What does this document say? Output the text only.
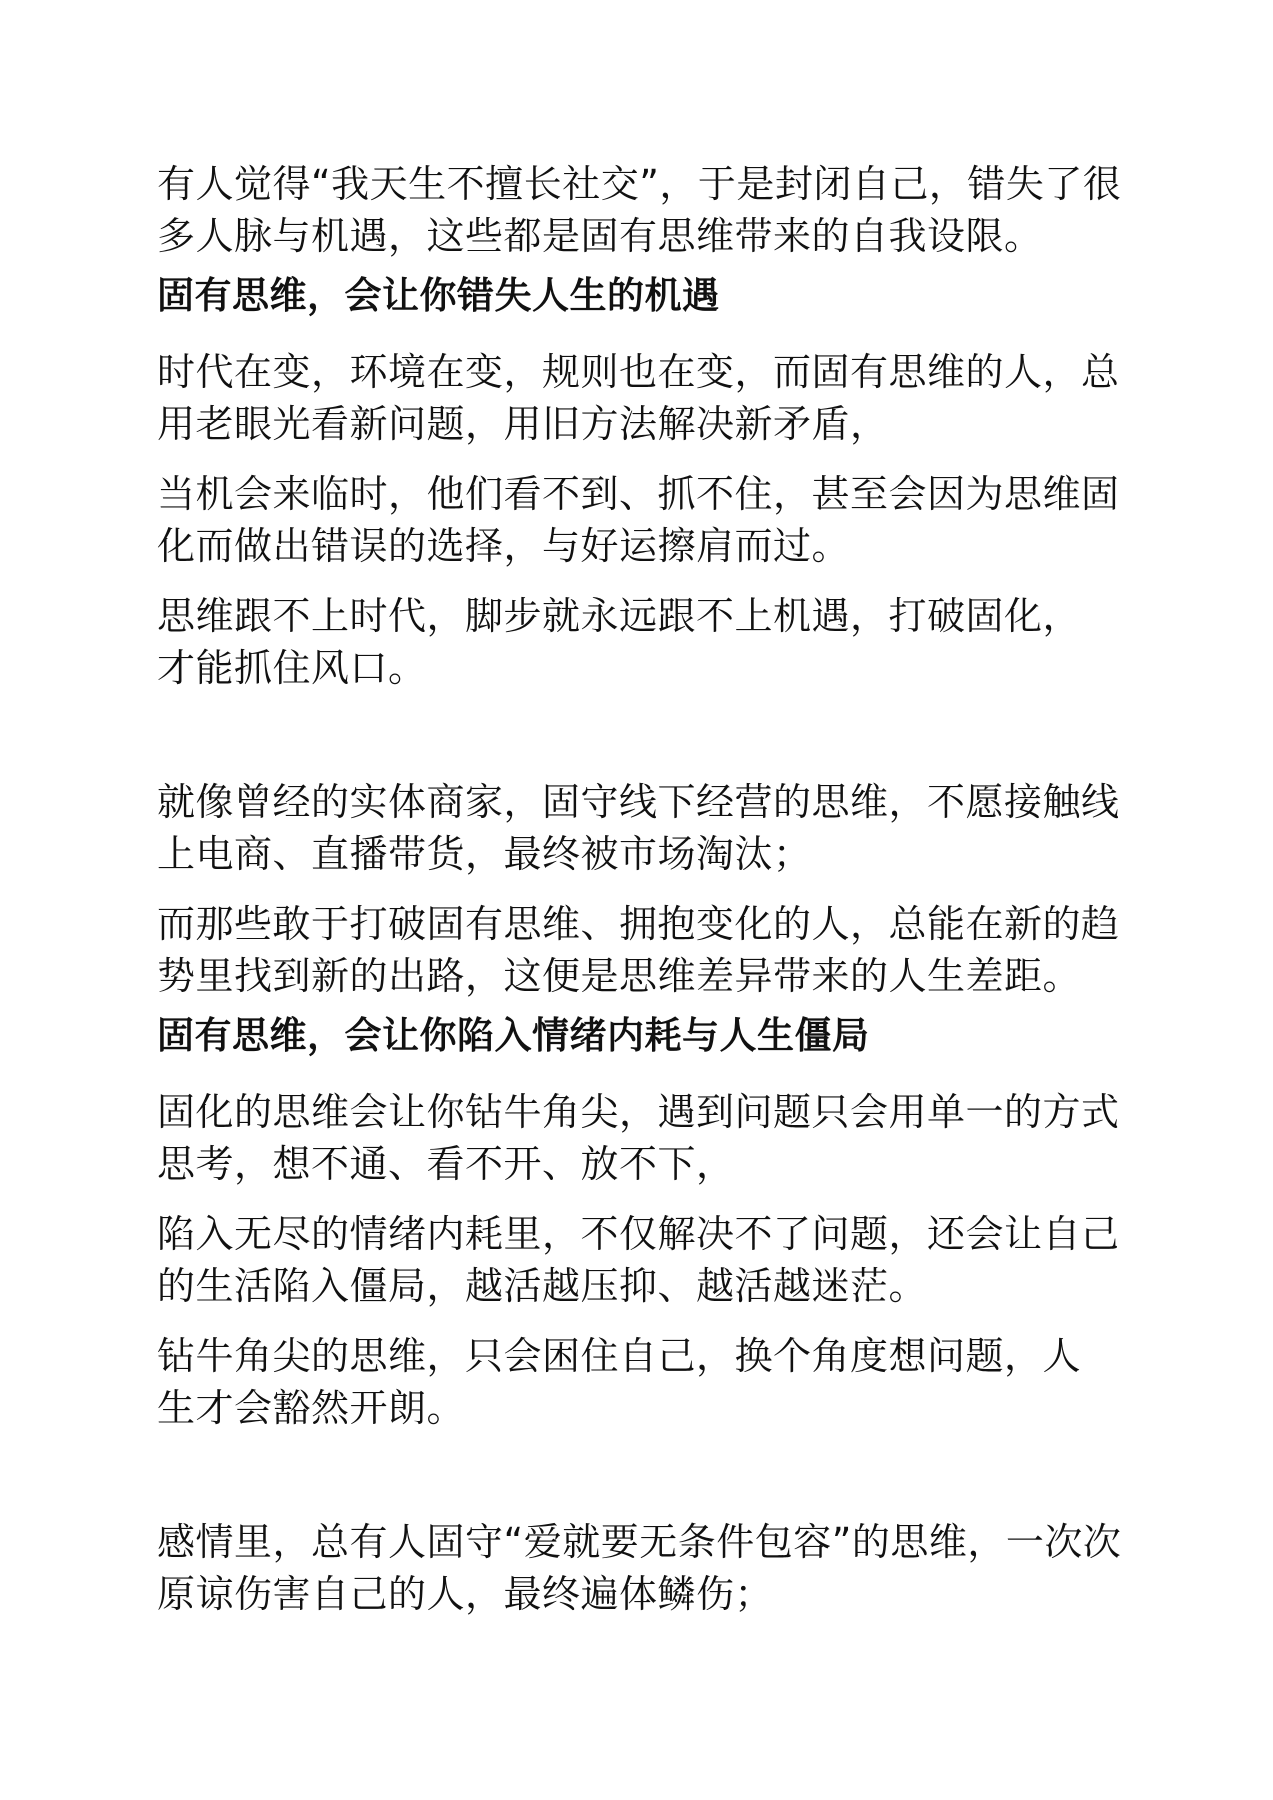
有人觉得“我天生不擅长社交”，于是封闭自己，错失了很
多人脉与机遇，这些都是固有思维带来的自我设限。
固有思维，会让你错失人生的机遇
时代在变，环境在变，规则也在变，而固有思维的人，总
用老眼光看新问题，用旧方法解决新矛盾，
当机会来临时，他们看不到、抓不住，甚至会因为思维固
化而做出错误的选择，与好运擦肩而过。
思维跟不上时代，脚步就永远跟不上机遇，打破固化，
才能抓住风口。
就像曾经的实体商家，固守线下经营的思维，不愿接触线
上电商、直播带货，最终被市场淘汰；
而那些敢于打破固有思维、拥抱变化的人，总能在新的趋
势里找到新的出路，这便是思维差异带来的人生差距。
固有思维，会让你陷入情绪内耗与人生僵局
固化的思维会让你钻牛角尖，遇到问题只会用单一的方式
思考，想不通、看不开、放不下，
陷入无尽的情绪内耗里，不仅解决不了问题，还会让自己
的生活陷入僵局，越活越压抑、越活越迷茫。
钻牛角尖的思维，只会困住自己，换个角度想问题，人
生才会豁然开朗。
感情里，总有人固守“爱就要无条件包容”的思维，一次次
原谅伤害自己的人，最终遍体鳞伤；
